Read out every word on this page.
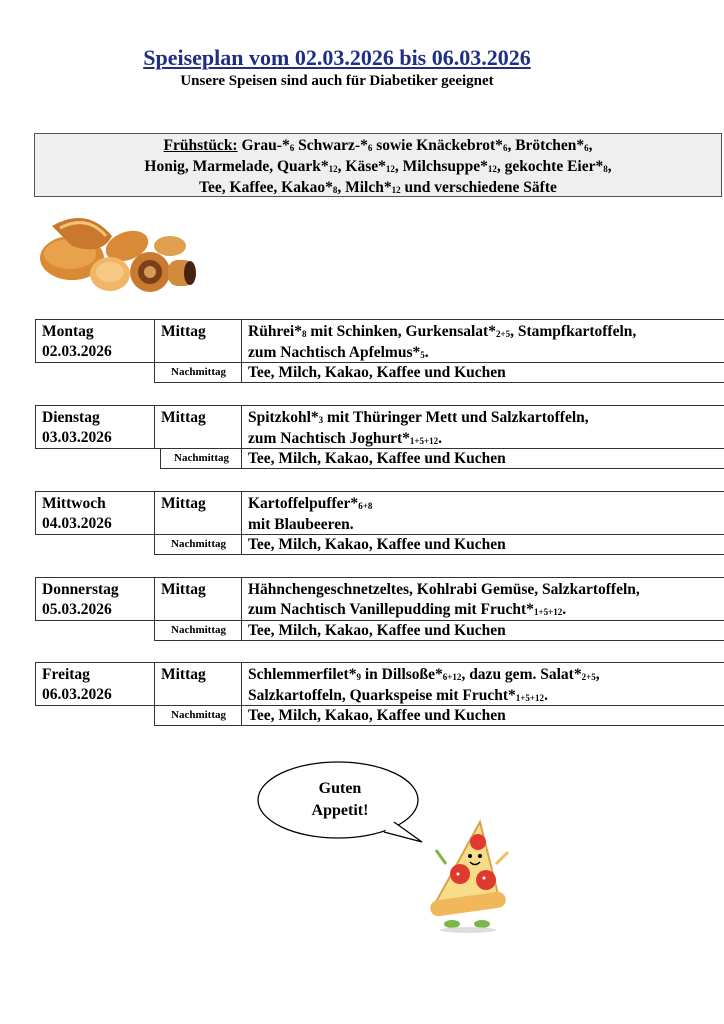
Speiseplan vom 02.03.2026 bis 06.03.2026
Unsere Speisen sind auch für Diabetiker geeignet
Frühstück: Grau-$*_6$ Schwarz-$*_6$ sowie $Knäckebrot*_6$, $Brötchen*_6$,
Honig, Marmelade, $Quark*_{12}$, $Käse*_{12}$, $Milchsuppe*_{12}$, gekochte $Eier*_8$,
Tee, Kaffee, $Kakao*_8$, $Milch*_{12}$ und verschiedene Säfte
Montag
02.03.2026
Mittag	$Rührei*_8$ mit Schinken, $Gurkensalat*_{2+5}$, Stampfkartoffeln,
zum Nachtisch $Apfelmus*_5$.
Nachmittag	Tee, Milch, Kakao, Kaffee und Kuchen
Dienstag
03.03.2026
Mittag	$Spitzkohl*_3$ mit Thüringer Mett und Salzkartoffeln,
zum Nachtisch $Joghurt*_{1+5+12}$.
Nachmittag	Tee, Milch, Kakao, Kaffee und Kuchen
Mittwoch
04.03.2026
Mittag	$Kartoffelpuffer*_{6+8}$
mit Blaubeeren.
Nachmittag	Tee, Milch, Kakao, Kaffee und Kuchen
Donnerstag
05.03.2026
Mittag	Hähnchengeschnetzeltes, Kohlrabi Gemüse, Salzkartoffeln,
zum Nachtisch Vanillepudding mit $Frucht*_{1+5+12}$.
Nachmittag	Tee, Milch, Kakao, Kaffee und Kuchen
Freitag
06.03.2026
Mittag	$Schlemmerfilet*_9$ in $Dillsoße*_{6+12}$, dazu gem. $Salat*_{2+5}$,
Salzkartoffeln, Quarkspeise mit $Frucht*_{1+5+12}$.
Nachmittag	Tee, Milch, Kakao, Kaffee und Kuchen
Guten
Appetit!
